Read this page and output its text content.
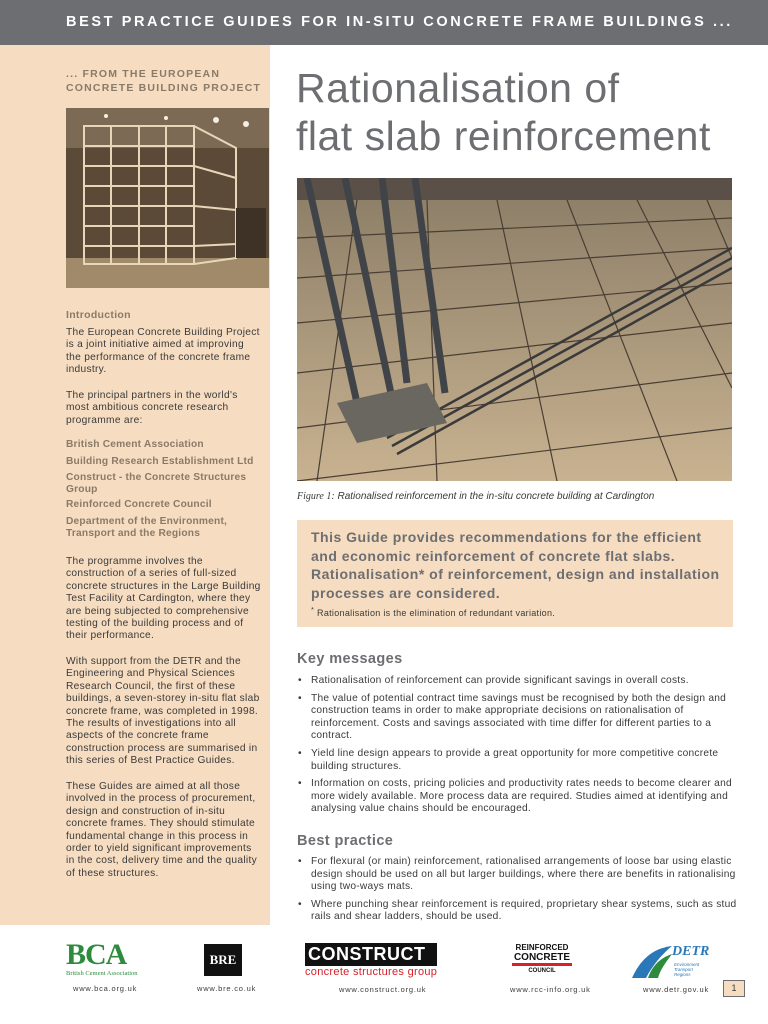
BEST PRACTICE GUIDES FOR IN-SITU CONCRETE FRAME BUILDINGS ...
... FROM THE EUROPEAN CONCRETE BUILDING PROJECT
Introduction
The European Concrete Building Project is a joint initiative aimed at improving the performance of the concrete frame industry.
The principal partners in the world's most ambitious concrete research programme are:
British Cement Association
Building Research Establishment Ltd
Construct - the Concrete Structures Group
Reinforced Concrete Council
Department of the Environment, Transport and the Regions
The programme involves the construction of a series of full-sized concrete structures in the Large Building Test Facility at Cardington, where they are being subjected to comprehensive testing of the building process and of their performance.
With support from the DETR and the Engineering and Physical Sciences Research Council, the first of these buildings, a seven-storey in-situ flat slab concrete frame, was completed in 1998. The results of investigations into all aspects of the concrete frame construction process are summarised in this series of Best Practice Guides.
These Guides are aimed at all those involved in the process of procurement, design and construction of in-situ concrete frames. They should stimulate fundamental change in this process in order to yield significant improvements in the cost, delivery time and the quality of these structures.
Rationalisation of
flat slab reinforcement
Figure 1: Rationalised reinforcement in the in-situ concrete building at Cardington
This Guide provides recommendations for the efficient and economic reinforcement of concrete flat slabs. Rationalisation* of reinforcement, design and installation processes are considered.
* Rationalisation is the elimination of redundant variation.
Key messages
• Rationalisation of reinforcement can provide significant savings in overall costs.
• The value of potential contract time savings must be recognised by both the design and construction teams in order to make appropriate decisions on rationalisation of reinforcement. Costs and savings associated with time differ for different parties to a contract.
• Yield line design appears to provide a great opportunity for more competitive concrete building structures.
• Information on costs, pricing policies and productivity rates needs to become clearer and more widely available. More process data are required. Studies aimed at identifying and analysing value chains should be encouraged.
Best practice
• For flexural (or main) reinforcement, rationalised arrangements of loose bar using elastic design should be used on all but larger buildings, where there are benefits in rationalising using two-ways mats.
• Where punching shear reinforcement is required, proprietary shear systems, such as stud rails and shear ladders, should be used.
BCA
British Cement Association
www.bca.org.uk
BRE
www.bre.co.uk
CONSTRUCT
concrete structures group
www.construct.org.uk
REINFORCED
CONCRETE
COUNCIL
www.rcc-info.org.uk
DETR
Environment
Transport
Regions
www.detr.gov.uk	1
